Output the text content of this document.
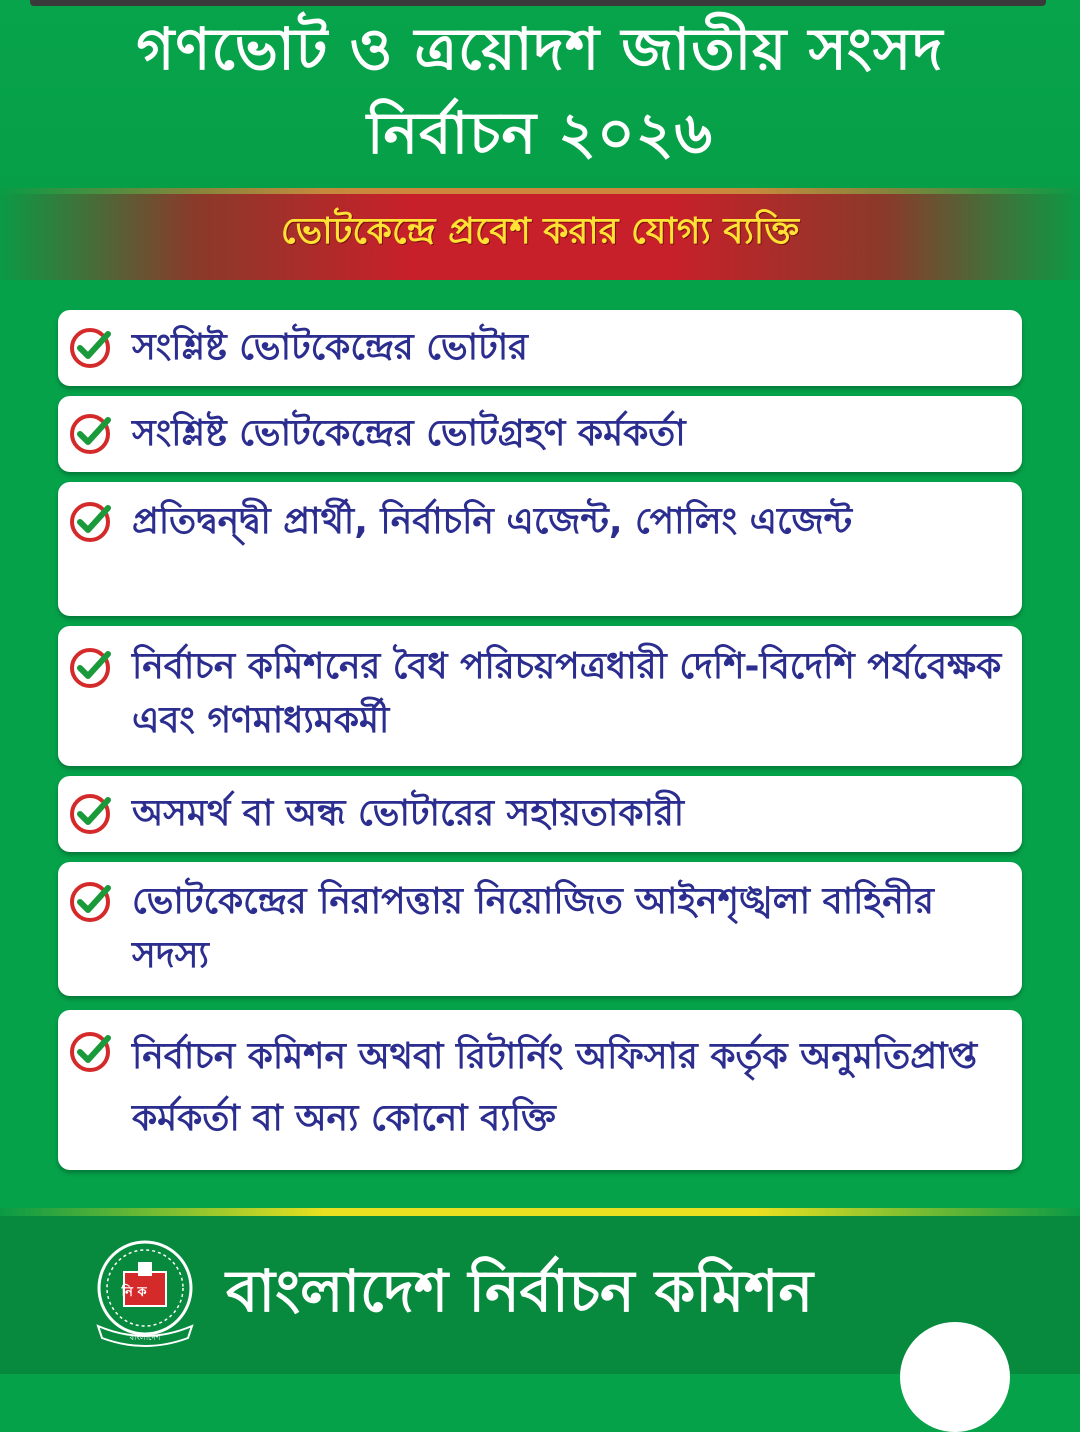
গণভোট ও ত্রয়োদশ জাতীয় সংসদ
নির্বাচন ২০২৬
ভোটকেন্দ্রে প্রবেশ করার যোগ্য ব্যক্তি
সংশ্লিষ্ট ভোটকেন্দ্রের ভোটার
সংশ্লিষ্ট ভোটকেন্দ্রের ভোটগ্রহণ কর্মকর্তা
প্রতিদ্বন্দ্বী প্রার্থী, নির্বাচনি এজেন্ট, পোলিং এজেন্ট
নির্বাচন কমিশনের বৈধ পরিচয়পত্রধারী দেশি-বিদেশি পর্যবেক্ষক এবং গণমাধ্যমকর্মী
অসমর্থ বা অন্ধ ভোটারের সহায়তাকারী
ভোটকেন্দ্রের নিরাপত্তায় নিয়োজিত আইনশৃঙ্খলা বাহিনীর সদস্য
নির্বাচন কমিশন অথবা রিটার্নিং অফিসার কর্তৃক অনুমতিপ্রাপ্ত কর্মকর্তা বা অন্য কোনো ব্যক্তি
নি ক
বাংলাদেশ
বাংলাদেশ নির্বাচন কমিশন
